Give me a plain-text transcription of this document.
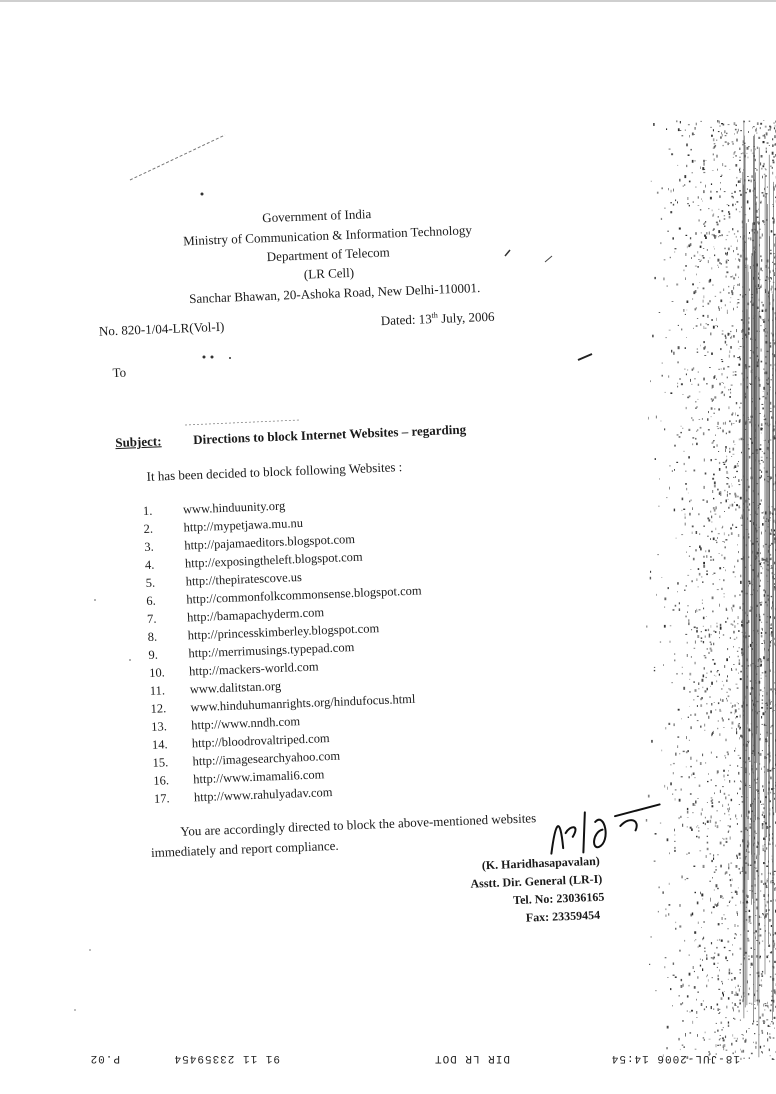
Government of India
Ministry of Communication & Information Technology
Department of Telecom
(LR Cell)
Sanchar Bhawan, 20-Ashoka Road, New Delhi-110001.
No. 820-1/04-LR(Vol-I)	Dated: 13th July, 2006
To
Subject: Directions to block Internet Websites – regarding
It has been decided to block following Websites :
1. www.hinduunity.org
2. http://mypetjawa.mu.nu
3. http://pajamaeditors.blogspot.com
4. http://exposingtheleft.blogspot.com
5. http://thepiratescove.us
6. http://commonfolkcommonsense.blogspot.com
7. http://bamapachyderm.com
8. http://princesskimberley.blogspot.com
9. http://merrimusings.typepad.com
10. http://mackers-world.com
11. www.dalitstan.org
12. www.hinduhumanrights.org/hindufocus.html
13. http://www.nndh.com
14. http://bloodrovaltriped.com
15. http://imagesearchyahoo.com
16. http://www.imamali6.com
17. http://www.rahulyadav.com
You are accordingly directed to block the above-mentioned websites
immediately and report compliance.
(K. Haridhasapavalan)
Asstt. Dir. General (LR-I)
Tel. No: 23036165
Fax: 23359454
18-JUL-2006 14:54
DIR LR DOT
91 11 23359454
P.02
